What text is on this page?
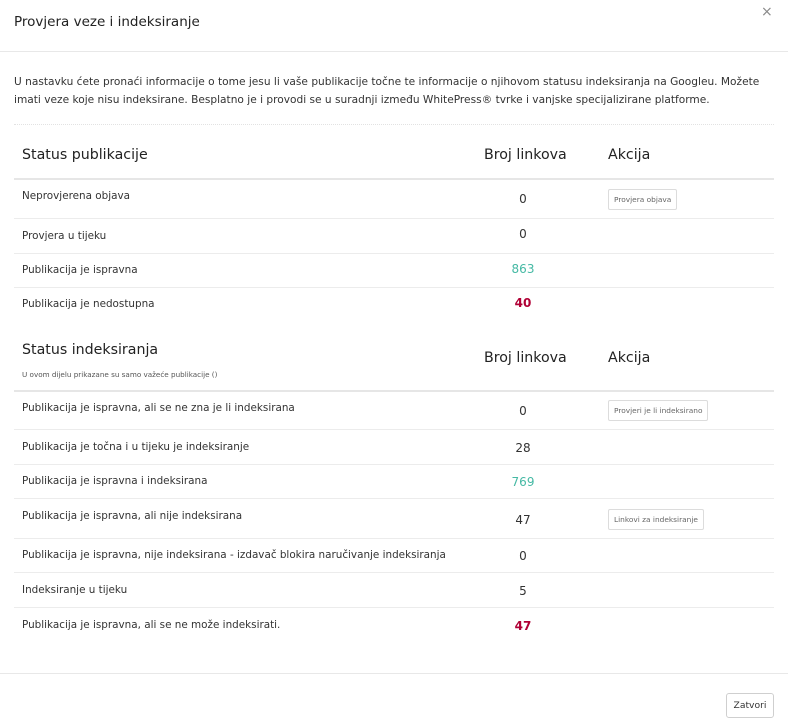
Provjera veze i indeksiranje
×
U nastavku ćete pronaći informacije o tome jesu li vaše publikacije točne te informacije o njihovom statusu indeksiranja na Googleu. Možete imati veze koje nisu indeksirane. Besplatno je i provodi se u suradnji između WhitePress® tvrke i vanjske specijalizirane platforme.
Status publikacije	Broj linkova	Akcija
Neprovjerena objava	0	Provjera objava
Provjera u tijeku	0
Publikacija je ispravna	863
Publikacija je nedostupna	40
Status indeksiranja
U ovom dijelu prikazane su samo važeće publikacije ()
Broj linkova	Akcija
Publikacija je ispravna, ali se ne zna je li indeksirana	0	Provjeri je li indeksirano
Publikacija je točna i u tijeku je indeksiranje	28
Publikacija je ispravna i indeksirana	769
Publikacija je ispravna, ali nije indeksirana	47	Linkovi za indeksiranje
Publikacija je ispravna, nije indeksirana - izdavač blokira naručivanje indeksiranja	0
Indeksiranje u tijeku	5
Publikacija je ispravna, ali se ne može indeksirati.	47
Zatvori
